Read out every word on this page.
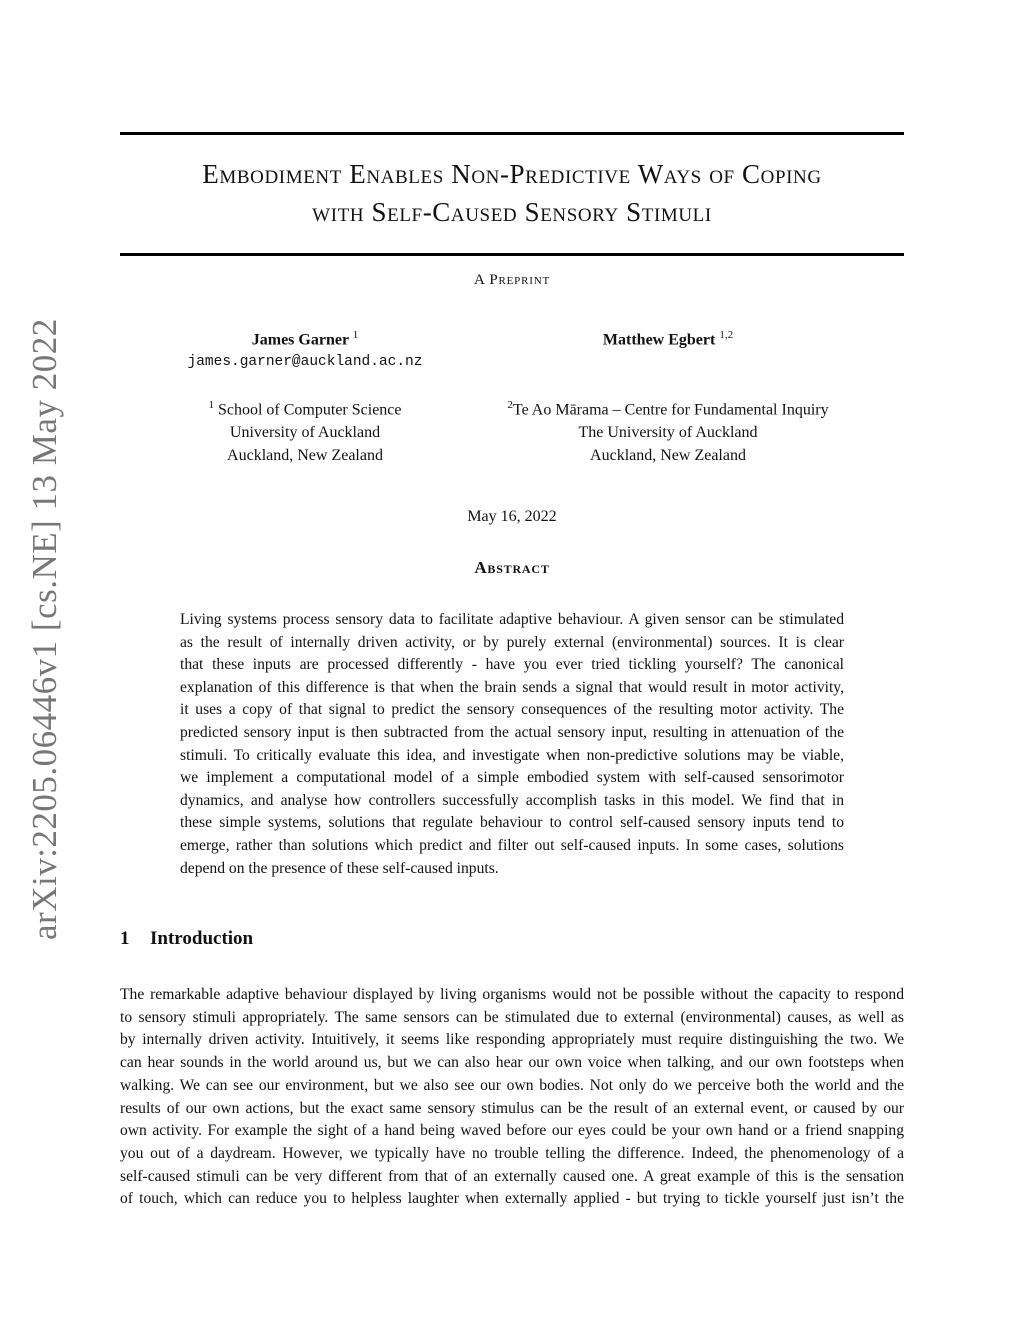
arXiv:2205.06446v1 [cs.NE] 13 May 2022
Embodiment Enables Non-Predictive Ways of Coping
with Self-Caused Sensory Stimuli
A Preprint
James Garner $^1$
james.garner@auckland.ac.nz
Matthew Egbert $^{1,2}$
$^1$ School of Computer Science
University of Auckland
Auckland, New Zealand
$^2$Te Ao Mārama – Centre for Fundamental Inquiry
The University of Auckland
Auckland, New Zealand
May 16, 2022
Abstract
Living systems process sensory data to facilitate adaptive behaviour. A given sensor can be stimulated
as the result of internally driven activity, or by purely external (environmental) sources. It is clear
that these inputs are processed differently - have you ever tried tickling yourself? The canonical
explanation of this difference is that when the brain sends a signal that would result in motor activity,
it uses a copy of that signal to predict the sensory consequences of the resulting motor activity. The
predicted sensory input is then subtracted from the actual sensory input, resulting in attenuation of the
stimuli. To critically evaluate this idea, and investigate when non-predictive solutions may be viable,
we implement a computational model of a simple embodied system with self-caused sensorimotor
dynamics, and analyse how controllers successfully accomplish tasks in this model. We find that in
these simple systems, solutions that regulate behaviour to control self-caused sensory inputs tend to
emerge, rather than solutions which predict and filter out self-caused inputs. In some cases, solutions
depend on the presence of these self-caused inputs.
1 Introduction
The remarkable adaptive behaviour displayed by living organisms would not be possible without the capacity to respond
to sensory stimuli appropriately. The same sensors can be stimulated due to external (environmental) causes, as well as
by internally driven activity. Intuitively, it seems like responding appropriately must require distinguishing the two. We
can hear sounds in the world around us, but we can also hear our own voice when talking, and our own footsteps when
walking. We can see our environment, but we also see our own bodies. Not only do we perceive both the world and the
results of our own actions, but the exact same sensory stimulus can be the result of an external event, or caused by our
own activity. For example the sight of a hand being waved before our eyes could be your own hand or a friend snapping
you out of a daydream. However, we typically have no trouble telling the difference. Indeed, the phenomenology of a
self-caused stimuli can be very different from that of an externally caused one. A great example of this is the sensation
of touch, which can reduce you to helpless laughter when externally applied - but trying to tickle yourself just isn’t the
